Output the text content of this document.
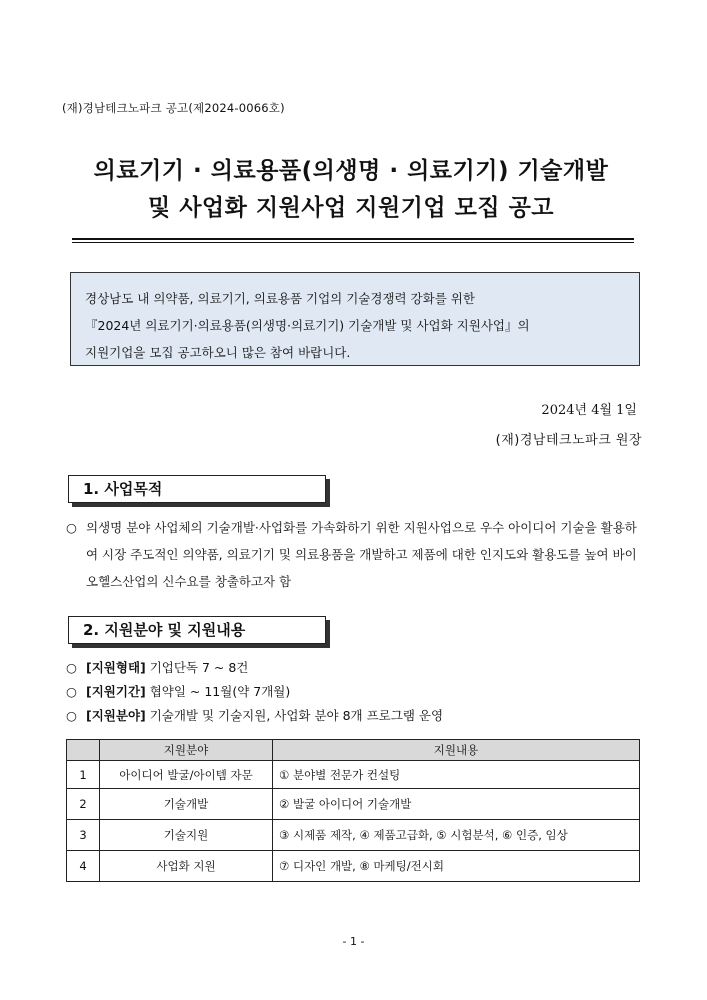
(재)경남테크노파크 공고(제2024-0066호)
의료기기 · 의료용품(의생명 · 의료기기) 기술개발
및 사업화 지원사업 지원기업 모집 공고

경상남도 내 의약품, 의료기기, 의료용품 기업의 기술경쟁력 강화를 위한

『2024년 의료기기·의료용품(의생명·의료기기) 기술개발 및 사업화 지원사업』의

지원기업을 모집 공고하오니 많은 참여 바랍니다.

2024년 4월 1일
(재)경남테크노파크 원장
1. 사업목적
○ 의생명 분야 사업체의 기술개발·사업화를 가속화하기 위한 지원사업으로 우수 아이디어 기술을 활용하여 시장 주도적인 의약품, 의료기기 및 의료용품을 개발하고 제품에 대한 인지도와 활용도를 높여 바이오헬스산업의 신수요를 창출하고자 함
2. 지원분야 및 지원내용
○ [지원형태] 기업단독 7 ~ 8건
○ [지원기간] 협약일 ~ 11월(약 7개월)
○ [지원분야] 기술개발 및 기술지원, 사업화 분야 8개 프로그램 운영
	지원분야	지원내용
1	아이디어 발굴/아이템 자문	① 분야별 전문가 컨설팅
2	기술개발	② 발굴 아이디어 기술개발
3	기술지원	③ 시제품 제작, ④ 제품고급화, ⑤ 시험분석, ⑥ 인증, 임상
4	사업화 지원	⑦ 디자인 개발, ⑧ 마케팅/전시회
- 1 -
